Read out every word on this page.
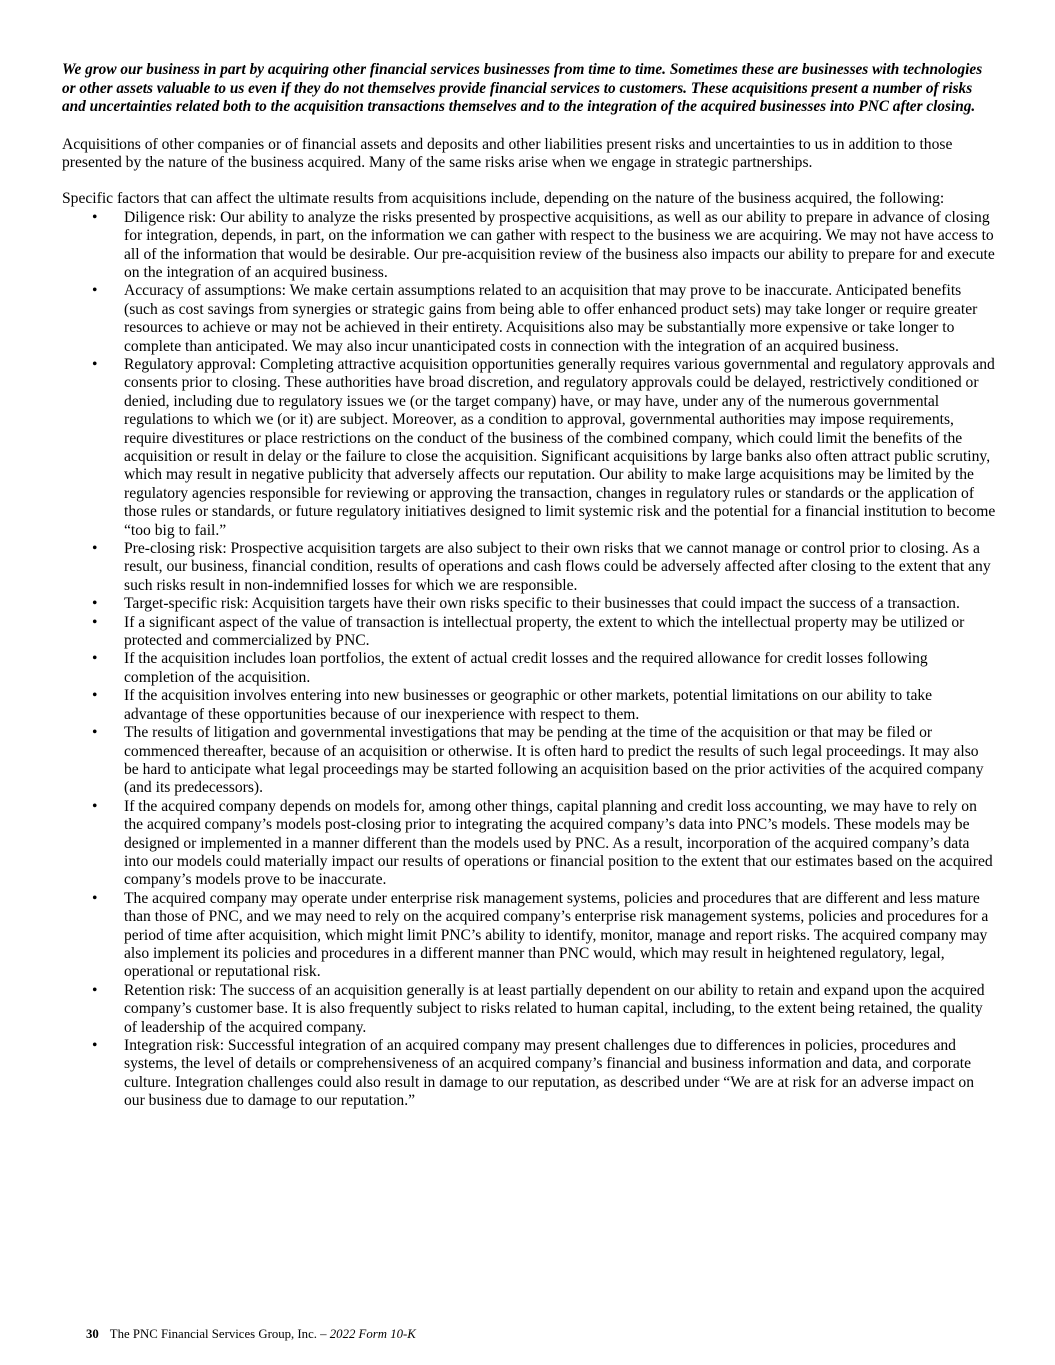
We grow our business in part by acquiring other financial services businesses from time to time. Sometimes these are businesses with technologies or other assets valuable to us even if they do not themselves provide financial services to customers. These acquisitions present a number of risks and uncertainties related both to the acquisition transactions themselves and to the integration of the acquired businesses into PNC after closing.

Acquisitions of other companies or of financial assets and deposits and other liabilities present risks and uncertainties to us in addition to those presented by the nature of the business acquired. Many of the same risks arise when we engage in strategic partnerships.

Specific factors that can affect the ultimate results from acquisitions include, depending on the nature of the business acquired, the following:

• Diligence risk: Our ability to analyze the risks presented by prospective acquisitions, as well as our ability to prepare in advance of closing for integration, depends, in part, on the information we can gather with respect to the business we are acquiring. We may not have access to all of the information that would be desirable. Our pre-acquisition review of the business also impacts our ability to prepare for and execute on the integration of an acquired business.
• Accuracy of assumptions: We make certain assumptions related to an acquisition that may prove to be inaccurate. Anticipated benefits (such as cost savings from synergies or strategic gains from being able to offer enhanced product sets) may take longer or require greater resources to achieve or may not be achieved in their entirety. Acquisitions also may be substantially more expensive or take longer to complete than anticipated. We may also incur unanticipated costs in connection with the integration of an acquired business.
• Regulatory approval: Completing attractive acquisition opportunities generally requires various governmental and regulatory approvals and consents prior to closing. These authorities have broad discretion, and regulatory approvals could be delayed, restrictively conditioned or denied, including due to regulatory issues we (or the target company) have, or may have, under any of the numerous governmental regulations to which we (or it) are subject. Moreover, as a condition to approval, governmental authorities may impose requirements, require divestitures or place restrictions on the conduct of the business of the combined company, which could limit the benefits of the acquisition or result in delay or the failure to close the acquisition. Significant acquisitions by large banks also often attract public scrutiny, which may result in negative publicity that adversely affects our reputation. Our ability to make large acquisitions may be limited by the regulatory agencies responsible for reviewing or approving the transaction, changes in regulatory rules or standards or the application of those rules or standards, or future regulatory initiatives designed to limit systemic risk and the potential for a financial institution to become “too big to fail.”
• Pre-closing risk: Prospective acquisition targets are also subject to their own risks that we cannot manage or control prior to closing. As a result, our business, financial condition, results of operations and cash flows could be adversely affected after closing to the extent that any such risks result in non-indemnified losses for which we are responsible.
• Target-specific risk: Acquisition targets have their own risks specific to their businesses that could impact the success of a transaction.
• If a significant aspect of the value of transaction is intellectual property, the extent to which the intellectual property may be utilized or protected and commercialized by PNC.
• If the acquisition includes loan portfolios, the extent of actual credit losses and the required allowance for credit losses following completion of the acquisition.
• If the acquisition involves entering into new businesses or geographic or other markets, potential limitations on our ability to take advantage of these opportunities because of our inexperience with respect to them.
• The results of litigation and governmental investigations that may be pending at the time of the acquisition or that may be filed or commenced thereafter, because of an acquisition or otherwise. It is often hard to predict the results of such legal proceedings. It may also be hard to anticipate what legal proceedings may be started following an acquisition based on the prior activities of the acquired company (and its predecessors).
• If the acquired company depends on models for, among other things, capital planning and credit loss accounting, we may have to rely on the acquired company’s models post-closing prior to integrating the acquired company’s data into PNC’s models. These models may be designed or implemented in a manner different than the models used by PNC. As a result, incorporation of the acquired company’s data into our models could materially impact our results of operations or financial position to the extent that our estimates based on the acquired company’s models prove to be inaccurate.
• The acquired company may operate under enterprise risk management systems, policies and procedures that are different and less mature than those of PNC, and we may need to rely on the acquired company’s enterprise risk management systems, policies and procedures for a period of time after acquisition, which might limit PNC’s ability to identify, monitor, manage and report risks. The acquired company may also implement its policies and procedures in a different manner than PNC would, which may result in heightened regulatory, legal, operational or reputational risk.
• Retention risk: The success of an acquisition generally is at least partially dependent on our ability to retain and expand upon the acquired company’s customer base. It is also frequently subject to risks related to human capital, including, to the extent being retained, the quality of leadership of the acquired company.
• Integration risk: Successful integration of an acquired company may present challenges due to differences in policies, procedures and systems, the level of details or comprehensiveness of an acquired company’s financial and business information and data, and corporate culture. Integration challenges could also result in damage to our reputation, as described under “We are at risk for an adverse impact on our business due to damage to our reputation.”
30 The PNC Financial Services Group, Inc. – 2022 Form 10-K
